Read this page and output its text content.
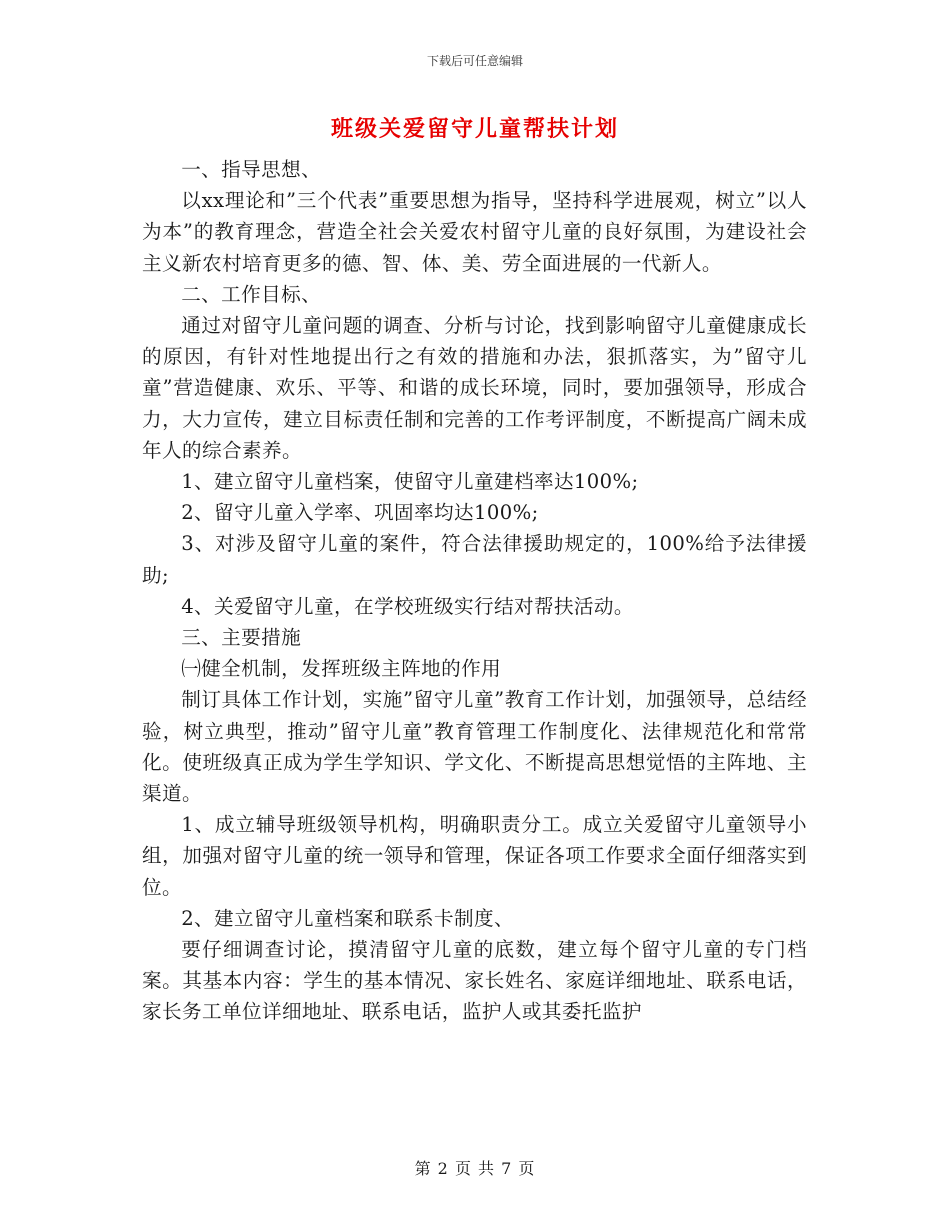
下载后可任意编辑
班级关爱留守儿童帮扶计划

一、指导思想、

以xx理论和”三个代表”重要思想为指导，坚持科学进展观，树立”以人为本”的教育理念，营造全社会关爱农村留守儿童的良好氛围，为建设社会主义新农村培育更多的德、智、体、美、劳全面进展的一代新人。

二、工作目标、

通过对留守儿童问题的调查、分析与讨论，找到影响留守儿童健康成长的原因，有针对性地提出行之有效的措施和办法，狠抓落实，为”留守儿童”营造健康、欢乐、平等、和谐的成长环境，同时，要加强领导，形成合力，大力宣传，建立目标责任制和完善的工作考评制度，不断提高广阔未成年人的综合素养。

1、建立留守儿童档案，使留守儿童建档率达100%;

2、留守儿童入学率、巩固率均达100%;

3、对涉及留守儿童的案件，符合法律援助规定的，100%给予法律援助;

4、关爱留守儿童，在学校班级实行结对帮扶活动。

三、主要措施

㈠健全机制，发挥班级主阵地的作用

制订具体工作计划，实施”留守儿童”教育工作计划，加强领导，总结经验，树立典型，推动”留守儿童”教育管理工作制度化、法律规范化和常常化。使班级真正成为学生学知识、学文化、不断提高思想觉悟的主阵地、主渠道。

1、成立辅导班级领导机构，明确职责分工。成立关爱留守儿童领导小组，加强对留守儿童的统一领导和管理，保证各项工作要求全面仔细落实到位。

2、建立留守儿童档案和联系卡制度、

要仔细调查讨论，摸清留守儿童的底数，建立每个留守儿童的专门档案。其基本内容：学生的基本情况、家长姓名、家庭详细地址、联系电话，家长务工单位详细地址、联系电话，监护人或其委托监护

第 2 页 共 7 页
